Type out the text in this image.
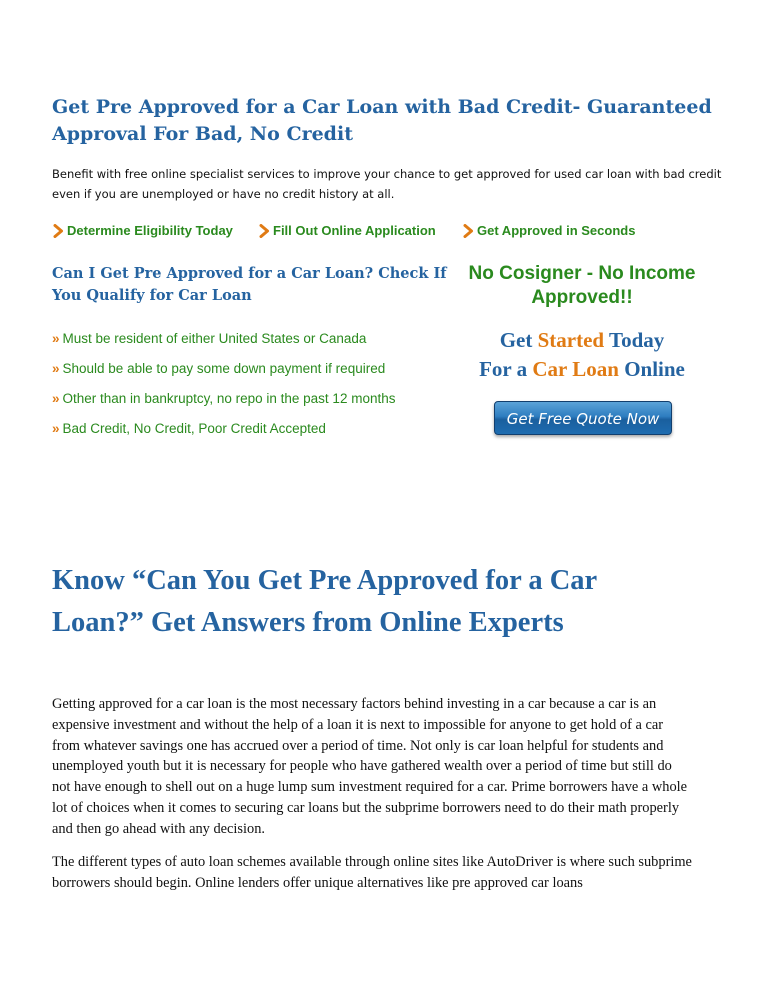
Get Pre Approved for a Car Loan with Bad Credit- Guaranteed Approval For Bad, No Credit

Benefit with free online specialist services to improve your chance to get approved for used car loan with bad credit even if you are unemployed or have no credit history at all.

Determine Eligibility Today	Fill Out Online Application	Get Approved in Seconds
Can I Get Pre Approved for a Car Loan? Check If You Qualify for Car Loan
» Must be resident of either United States or Canada
» Should be able to pay some down payment if required
» Other than in bankruptcy, no repo in the past 12 months
» Bad Credit, No Credit, Poor Credit Accepted
No Cosigner - No Income
Approved!!
Get Started Today
For a Car Loan Online
Get Free Quote Now >>
Know “Can You Get Pre Approved for a Car Loan?” Get Answers from Online Experts

Getting approved for a car loan is the most necessary factors behind investing in a car because a car is an expensive investment and without the help of a loan it is next to impossible for anyone to get hold of a car from whatever savings one has accrued over a period of time. Not only is car loan helpful for students and unemployed youth but it is necessary for people who have gathered wealth over a period of time but still do not have enough to shell out on a huge lump sum investment required for a car. Prime borrowers have a whole lot of choices when it comes to securing car loans but the subprime borrowers need to do their math properly and then go ahead with any decision.

The different types of auto loan schemes available through online sites like AutoDriver is where such subprime borrowers should begin. Online lenders offer unique alternatives like pre approved car loans
